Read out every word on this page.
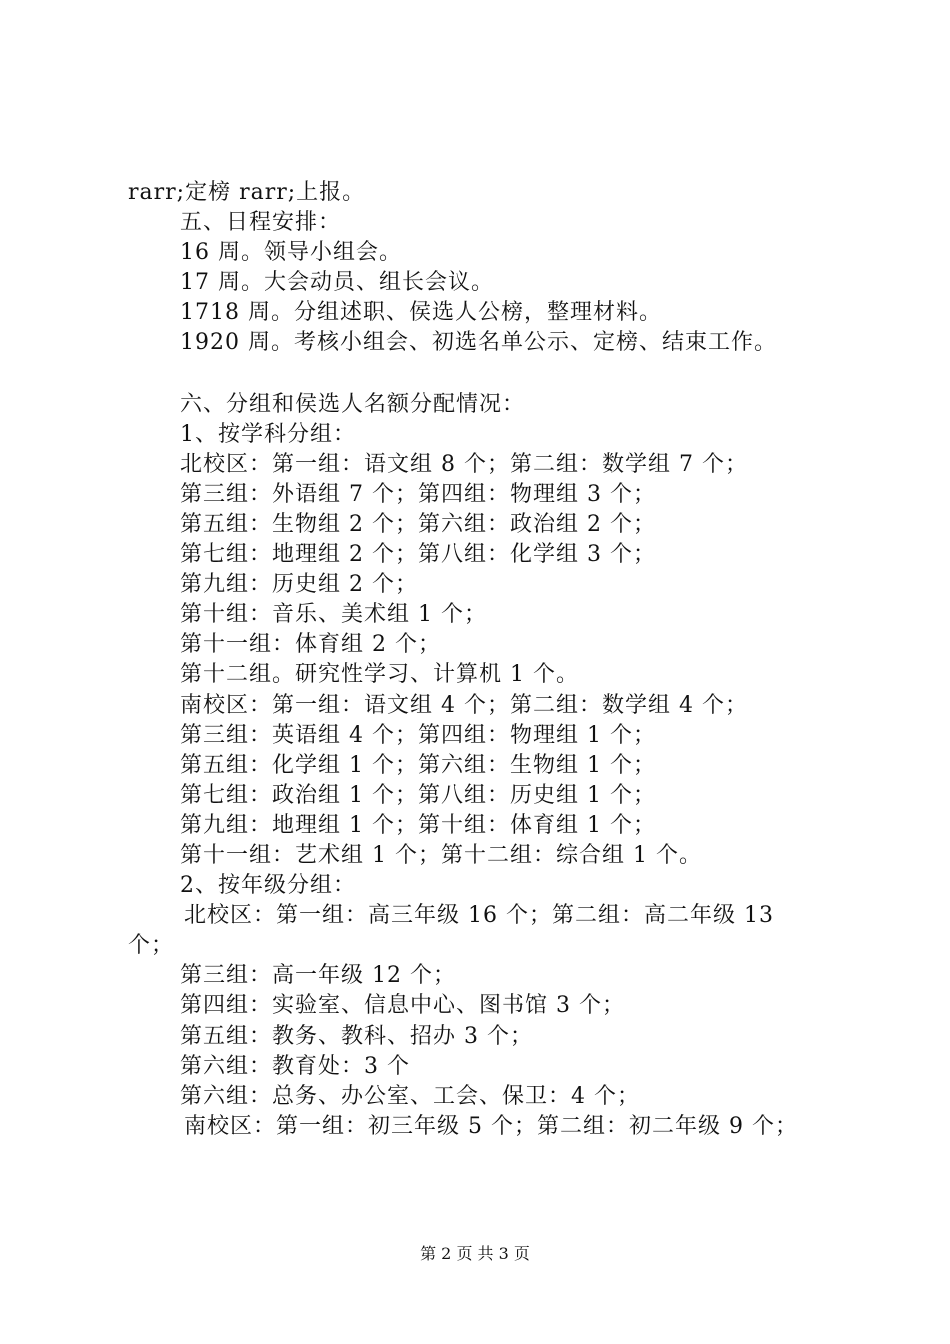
rarr;定榜 rarr;上报。
五、日程安排：
16 周。领导小组会。
17 周。大会动员、组长会议。
1718 周。分组述职、侯选人公榜，整理材料。
1920 周。考核小组会、初选名单公示、定榜、结束工作。
六、分组和侯选人名额分配情况：
1、按学科分组：
北校区：第一组：语文组 8 个；第二组：数学组 7 个；
第三组：外语组 7 个；第四组：物理组 3 个；
第五组：生物组 2 个；第六组：政治组 2 个；
第七组：地理组 2 个；第八组：化学组 3 个；
第九组：历史组 2 个；
第十组：音乐、美术组 1 个；
第十一组：体育组 2 个；
第十二组。研究性学习、计算机 1 个。
南校区：第一组：语文组 4 个；第二组：数学组 4 个；
第三组：英语组 4 个；第四组：物理组 1 个；
第五组：化学组 1 个；第六组：生物组 1 个；
第七组：政治组 1 个；第八组：历史组 1 个；
第九组：地理组 1 个；第十组：体育组 1 个；
第十一组：艺术组 1 个；第十二组：综合组 1 个。
2、按年级分组：
北校区：第一组：高三年级 16 个；第二组：高二年级 13
个；
第三组：高一年级 12 个；
第四组：实验室、信息中心、图书馆 3 个；
第五组：教务、教科、招办 3 个；
第六组：教育处：3 个
第六组：总务、办公室、工会、保卫：4 个；
南校区：第一组：初三年级 5 个；第二组：初二年级 9 个；
第 2 页 共 3 页
